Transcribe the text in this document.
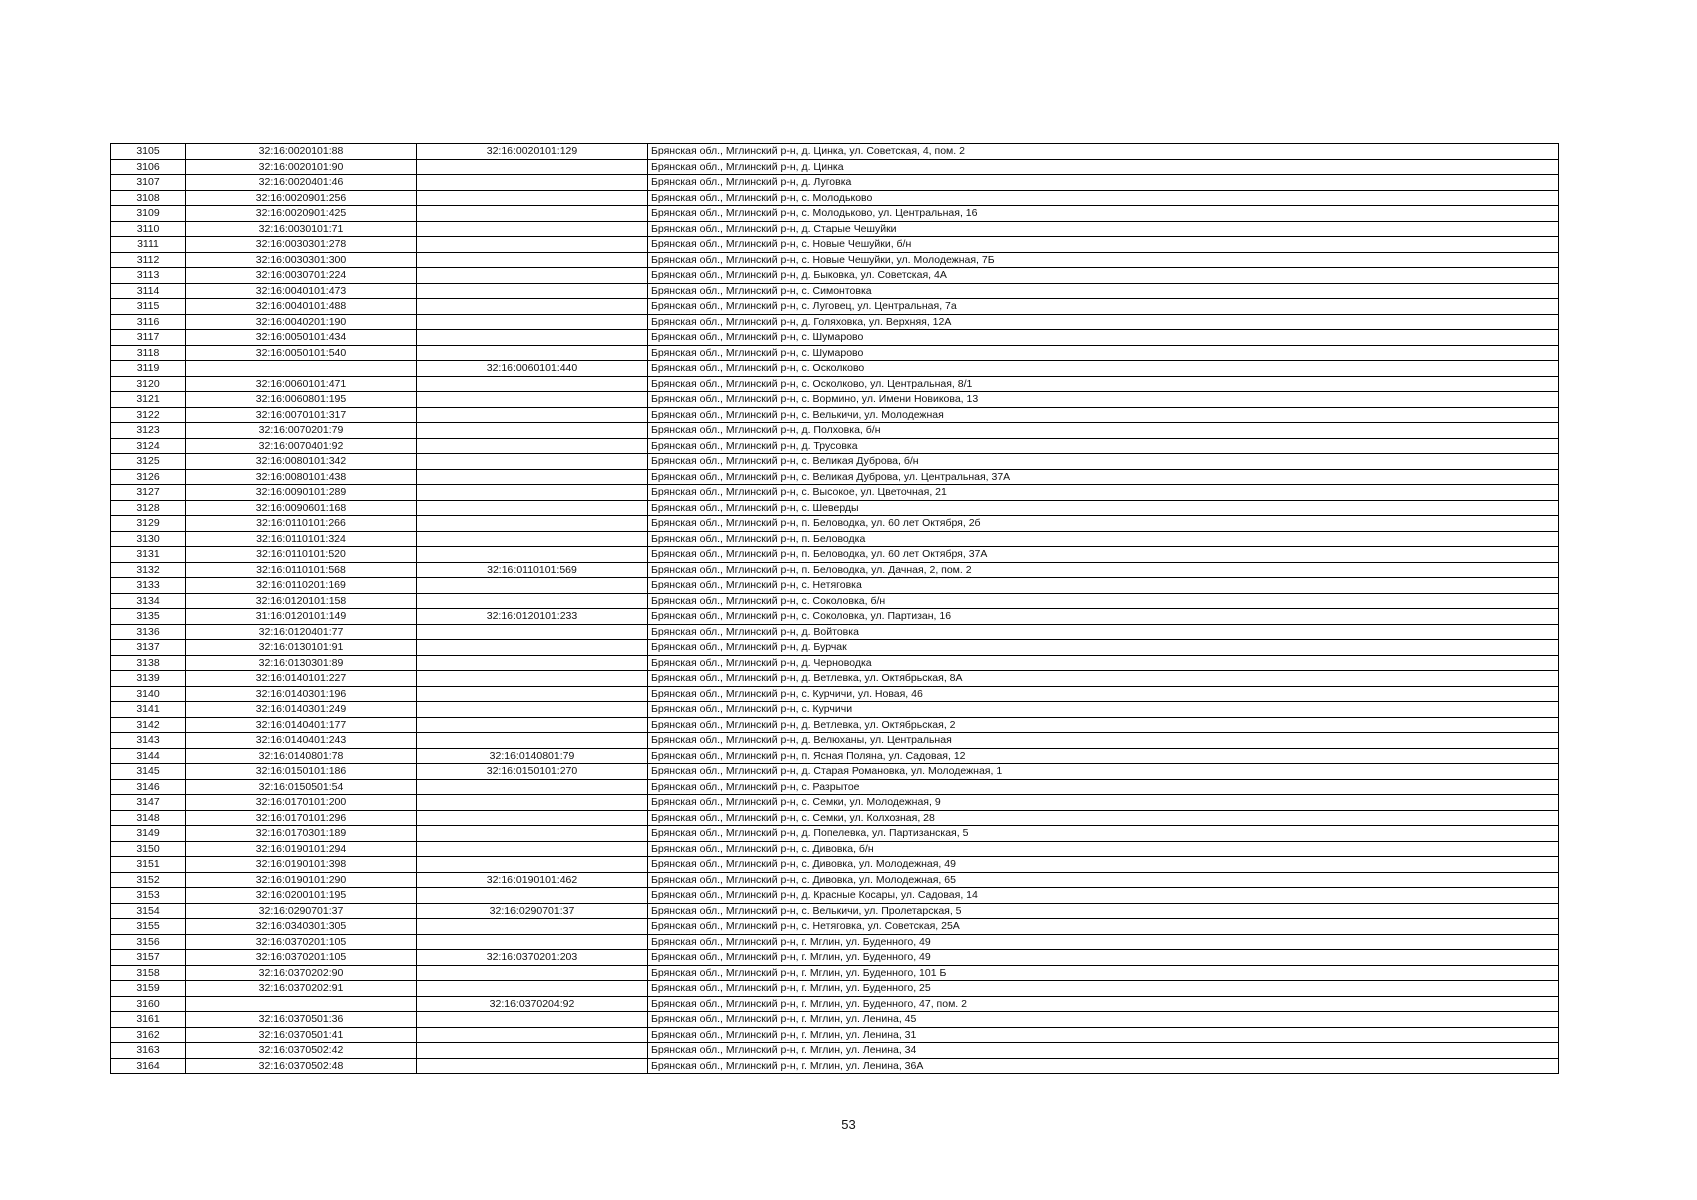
3105	32:16:0020101:88	32:16:0020101:129	Брянская обл., Мглинский р-н, д. Цинка, ул. Советская, 4, пом. 2
3106	32:16:0020101:90		Брянская обл., Мглинский р-н, д. Цинка
3107	32:16:0020401:46		Брянская обл., Мглинский р-н, д. Луговка
3108	32:16:0020901:256		Брянская обл., Мглинский р-н, с. Молодьково
3109	32:16:0020901:425		Брянская обл., Мглинский р-н, с. Молодьково, ул. Центральная, 16
3110	32:16:0030101:71		Брянская обл., Мглинский р-н, д. Старые Чешуйки
3111	32:16:0030301:278		Брянская обл., Мглинский р-н, с. Новые Чешуйки, б/н
3112	32:16:0030301:300		Брянская обл., Мглинский р-н, с. Новые Чешуйки, ул. Молодежная, 7Б
3113	32:16:0030701:224		Брянская обл., Мглинский р-н, д. Быковка, ул. Советская, 4А
3114	32:16:0040101:473		Брянская обл., Мглинский р-н, с. Симонтовка
3115	32:16:0040101:488		Брянская обл., Мглинский р-н, с. Луговец, ул. Центральная, 7а
3116	32:16:0040201:190		Брянская обл., Мглинский р-н, д. Голяховка, ул. Верхняя, 12А
3117	32:16:0050101:434		Брянская обл., Мглинский р-н, с. Шумарово
3118	32:16:0050101:540		Брянская обл., Мглинский р-н, с. Шумарово
3119		32:16:0060101:440	Брянская обл., Мглинский р-н, с. Осколково
3120	32:16:0060101:471		Брянская обл., Мглинский р-н, с. Осколково, ул. Центральная, 8/1
3121	32:16:0060801:195		Брянская обл., Мглинский р-н, с. Вормино, ул. Имени Новикова, 13
3122	32:16:0070101:317		Брянская обл., Мглинский р-н, с. Велькичи, ул. Молодежная
3123	32:16:0070201:79		Брянская обл., Мглинский р-н, д. Полховка, б/н
3124	32:16:0070401:92		Брянская обл., Мглинский р-н, д. Трусовка
3125	32:16:0080101:342		Брянская обл., Мглинский р-н, с. Великая Дуброва, б/н
3126	32:16:0080101:438		Брянская обл., Мглинский р-н, с. Великая Дуброва, ул. Центральная, 37А
3127	32:16:0090101:289		Брянская обл., Мглинский р-н, с. Высокое, ул. Цветочная, 21
3128	32:16:0090601:168		Брянская обл., Мглинский р-н, с. Шеверды
3129	32:16:0110101:266		Брянская обл., Мглинский р-н, п. Беловодка, ул. 60 лет Октября, 2б
3130	32:16:0110101:324		Брянская обл., Мглинский р-н, п. Беловодка
3131	32:16:0110101:520		Брянская обл., Мглинский р-н, п. Беловодка, ул. 60 лет Октября, 37А
3132	32:16:0110101:568	32:16:0110101:569	Брянская обл., Мглинский р-н, п. Беловодка, ул. Дачная, 2, пом. 2
3133	32:16:0110201:169		Брянская обл., Мглинский р-н, с. Нетяговка
3134	32:16:0120101:158		Брянская обл., Мглинский р-н, с. Соколовка, б/н
3135	31:16:0120101:149	32:16:0120101:233	Брянская обл., Мглинский р-н, с. Соколовка, ул. Партизан, 16
3136	32:16:0120401:77		Брянская обл., Мглинский р-н, д. Войтовка
3137	32:16:0130101:91		Брянская обл., Мглинский р-н, д. Бурчак
3138	32:16:0130301:89		Брянская обл., Мглинский р-н, д. Черноводка
3139	32:16:0140101:227		Брянская обл., Мглинский р-н, д. Ветлевка, ул. Октябрьская, 8А
3140	32:16:0140301:196		Брянская обл., Мглинский р-н, с. Курчичи, ул. Новая, 46
3141	32:16:0140301:249		Брянская обл., Мглинский р-н, с. Курчичи
3142	32:16:0140401:177		Брянская обл., Мглинский р-н, д. Ветлевка, ул. Октябрьская, 2
3143	32:16:0140401:243		Брянская обл., Мглинский р-н, д. Велюханы, ул. Центральная
3144	32:16:0140801:78	32:16:0140801:79	Брянская обл., Мглинский р-н, п. Ясная Поляна, ул. Садовая, 12
3145	32:16:0150101:186	32:16:0150101:270	Брянская обл., Мглинский р-н, д. Старая Романовка, ул. Молодежная, 1
3146	32:16:0150501:54		Брянская обл., Мглинский р-н, с. Разрытое
3147	32:16:0170101:200		Брянская обл., Мглинский р-н, с. Семки, ул. Молодежная, 9
3148	32:16:0170101:296		Брянская обл., Мглинский р-н, с. Семки, ул. Колхозная, 28
3149	32:16:0170301:189		Брянская обл., Мглинский р-н, д. Попелевка, ул. Партизанская, 5
3150	32:16:0190101:294		Брянская обл., Мглинский р-н, с. Дивовка, б/н
3151	32:16:0190101:398		Брянская обл., Мглинский р-н, с. Дивовка, ул. Молодежная, 49
3152	32:16:0190101:290	32:16:0190101:462	Брянская обл., Мглинский р-н, с. Дивовка, ул. Молодежная, 65
3153	32:16:0200101:195		Брянская обл., Мглинский р-н, д. Красные Косары, ул. Садовая, 14
3154	32:16:0290701:37	32:16:0290701:37	Брянская обл., Мглинский р-н, с. Велькичи, ул. Пролетарская, 5
3155	32:16:0340301:305		Брянская обл., Мглинский р-н, с. Нетяговка, ул. Советская, 25А
3156	32:16:0370201:105		Брянская обл., Мглинский р-н, г. Мглин, ул. Буденного, 49
3157	32:16:0370201:105	32:16:0370201:203	Брянская обл., Мглинский р-н, г. Мглин, ул. Буденного, 49
3158	32:16:0370202:90		Брянская обл., Мглинский р-н, г. Мглин, ул. Буденного, 101 Б
3159	32:16:0370202:91		Брянская обл., Мглинский р-н, г. Мглин, ул. Буденного, 25
3160		32:16:0370204:92	Брянская обл., Мглинский р-н, г. Мглин, ул. Буденного, 47, пом. 2
3161	32:16:0370501:36		Брянская обл., Мглинский р-н, г. Мглин, ул. Ленина, 45
3162	32:16:0370501:41		Брянская обл., Мглинский р-н, г. Мглин, ул. Ленина, 31
3163	32:16:0370502:42		Брянская обл., Мглинский р-н, г. Мглин, ул. Ленина, 34
3164	32:16:0370502:48		Брянская обл., Мглинский р-н, г. Мглин, ул. Ленина, 36А
53
